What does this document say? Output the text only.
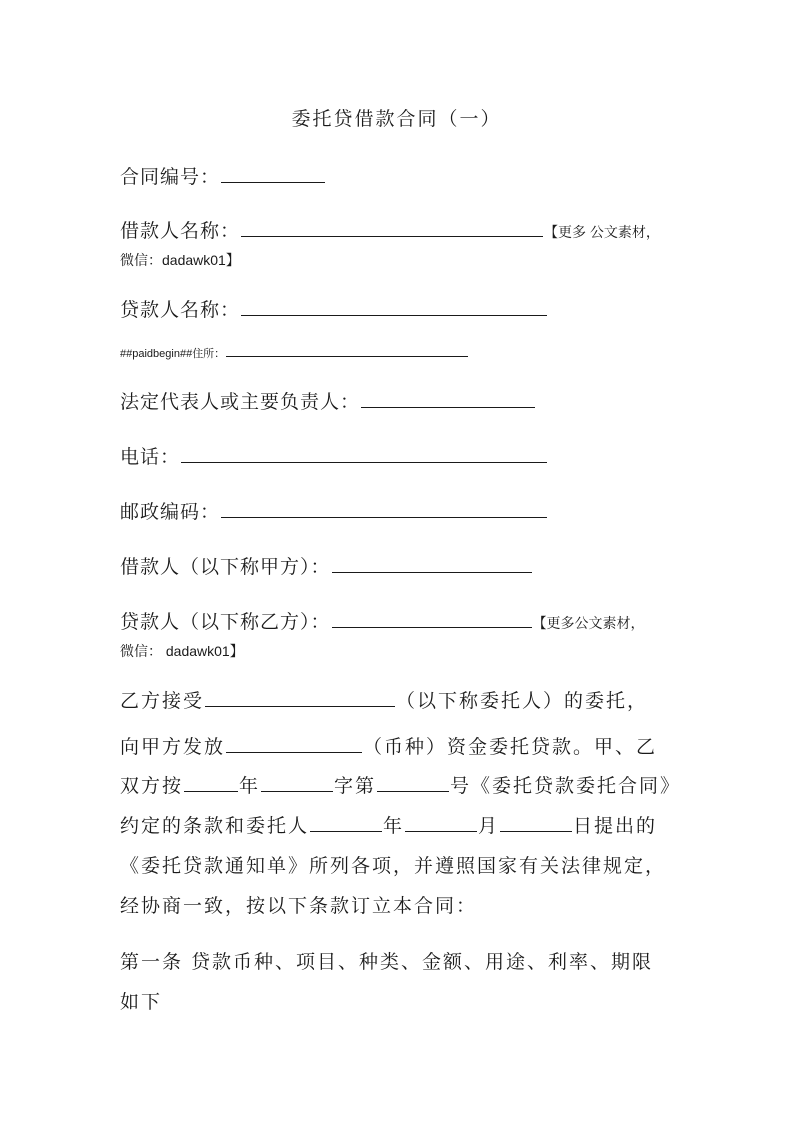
委托贷借款合同（一）
合同编号：
借款人名称：	【更多 公文素材，
微信：dadawk01】
贷款人名称：
##paidbegin##住所：
法定代表人或主要负责人：
电话：
邮政编码：
借款人（以下称甲方）：
贷款人（以下称乙方）：	【更多公文素材，
微信： dadawk01】
乙方接受	（以下称委托人）的委托，
向甲方发放	（币种）资金委托贷款。甲、乙
双方按	年	字第	号《委托贷款委托合同》
约定的条款和委托人	年	月	日提出的
《委托贷款通知单》所列各项，并遵照国家有关法律规定，
经协商一致，按以下条款订立本合同：
第一条 贷款币种、项目、种类、金额、用途、利率、期限
如下
